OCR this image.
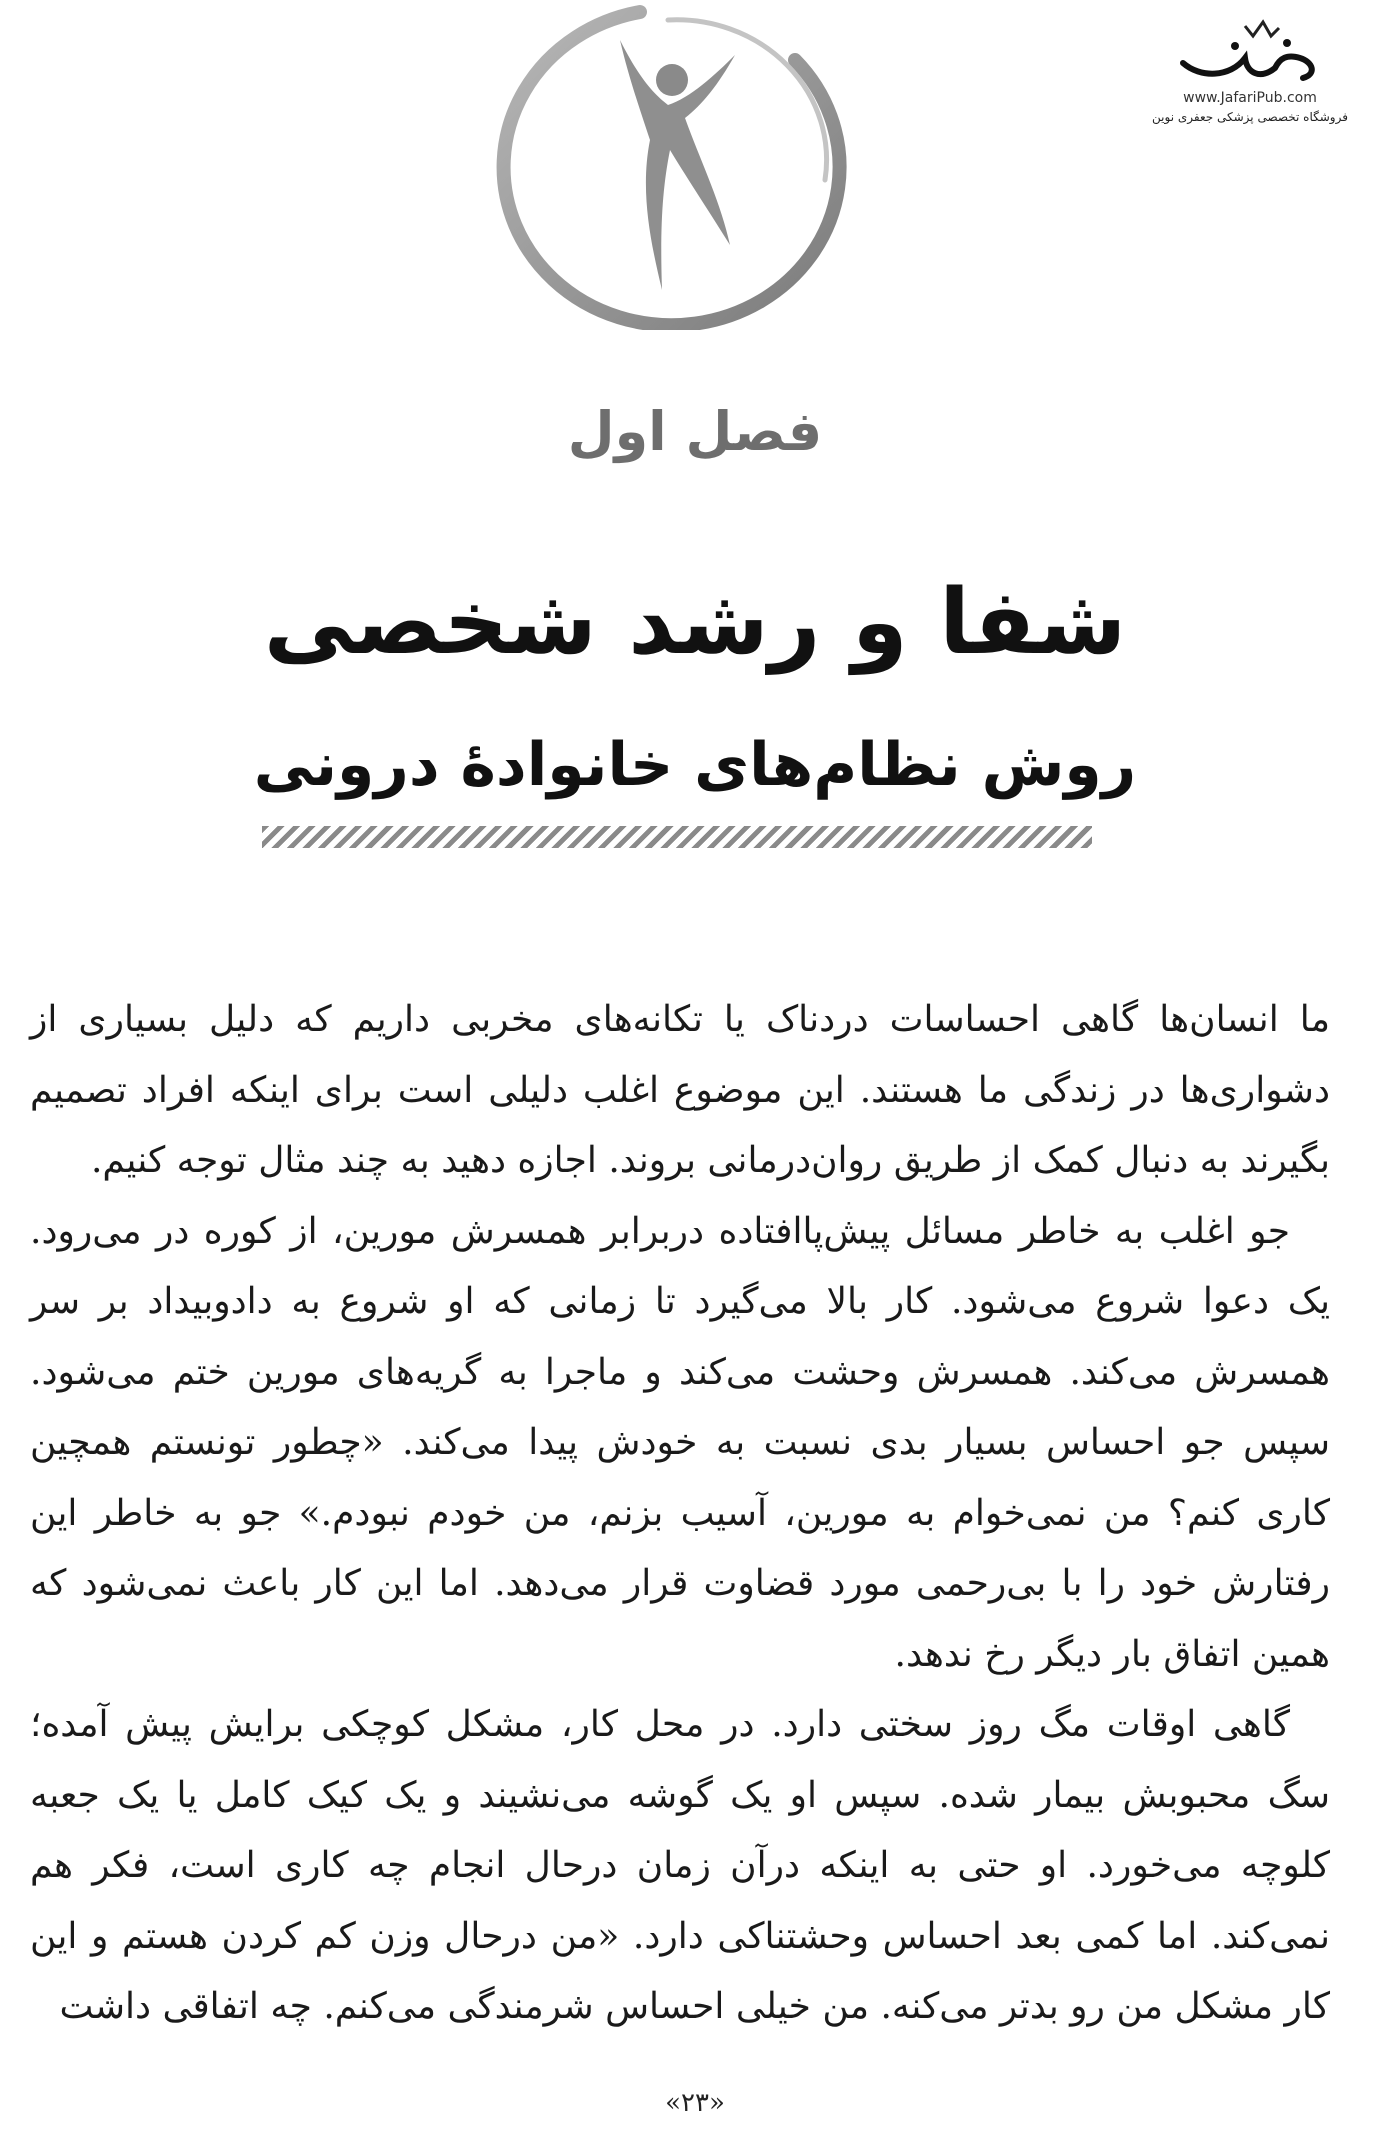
www.JafariPub.com
فروشگاه تخصصی پزشکی جعفری نوین
فصل اول
شفا و رشد شخصی
روش نظام‌های خانوادهٔ درونی

ما انسان‌ها گاهی احساسات دردناک یا تکانه‌های مخربی داریم که دلیل بسیاری از دشواری‌ها در زندگی ما هستند. این موضوع اغلب دلیلی است برای اینکه افراد تصمیم بگیرند به دنبال کمک از طریق روان‌درمانی بروند. اجازه دهید به چند مثال توجه کنیم.

جو اغلب به خاطر مسائل پیش‌پاافتاده دربرابر همسرش مورین، از کوره در می‌رود. یک دعوا شروع می‌شود. کار بالا می‌گیرد تا زمانی که او شروع به دادوبیداد بر سر همسرش می‌کند. همسرش وحشت می‌کند و ماجرا به گریه‌های مورین ختم می‌شود. سپس جو احساس بسیار بدی نسبت به خودش پیدا می‌کند. «چطور تونستم همچین کاری کنم؟ من نمی‌خوام به مورین، آسیب بزنم، من خودم نبودم.» جو به خاطر این رفتارش خود را با بی‌رحمی مورد قضاوت قرار می‌دهد. اما این کار باعث نمی‌شود که همین اتفاق بار دیگر رخ ندهد.

گاهی اوقات مگ روز سختی دارد. در محل کار، مشکل کوچکی برایش پیش آمده؛ سگ محبوبش بیمار شده. سپس او یک گوشه می‌نشیند و یک کیک کامل یا یک جعبه کلوچه می‌خورد. او حتی به اینکه درآن زمان درحال انجام چه کاری است، فکر هم نمی‌کند. اما کمی بعد احساس وحشتناکی دارد. «من درحال وزن کم کردن هستم و این کار مشکل من رو بدتر می‌کنه. من خیلی احساس شرمندگی می‌کنم. چه اتفاقی داشت

«۲۳»
